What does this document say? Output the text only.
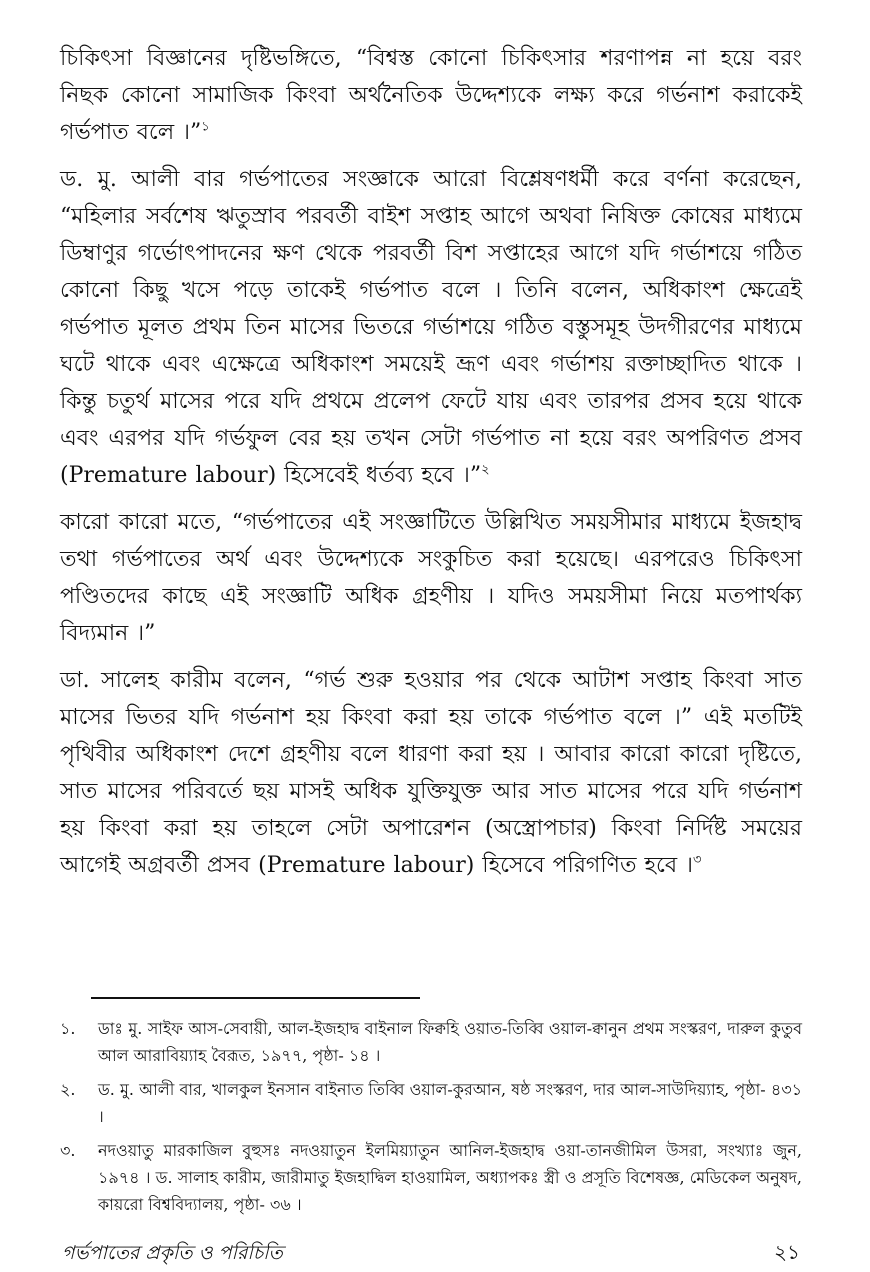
চিকিৎসা বিজ্ঞানের দৃষ্টিভঙ্গিতে, “বিশ্বস্ত কোনো চিকিৎসার শরণাপন্ন না হয়ে বরং নিছক কোনো সামাজিক কিংবা অর্থনৈতিক উদ্দেশ্যকে লক্ষ্য করে গর্ভনাশ করাকেই গর্ভপাত বলে ।”$^১$

ড. মু. আলী বার গর্ভপাতের সংজ্ঞাকে আরো বিশ্লেষণধর্মী করে বর্ণনা করেছেন, “মহিলার সর্বশেষ ঋতুস্রাব পরবর্তী বাইশ সপ্তাহ আগে অথবা নিষিক্ত কোষের মাধ্যমে ডিম্বাণুর গর্ভোৎপাদনের ক্ষণ থেকে পরবর্তী বিশ সপ্তাহের আগে যদি গর্ভাশয়ে গঠিত কোনো কিছু খসে পড়ে তাকেই গর্ভপাত বলে । তিনি বলেন, অধিকাংশ ক্ষেত্রেই গর্ভপাত মূলত প্রথম তিন মাসের ভিতরে গর্ভাশয়ে গঠিত বস্তুসমূহ উদগীরণের মাধ্যমে ঘটে থাকে এবং এক্ষেত্রে অধিকাংশ সময়েই ভ্রূণ এবং গর্ভাশয় রক্তাচ্ছাদিত থাকে । কিন্তু চতুর্থ মাসের পরে যদি প্রথমে প্রলেপ ফেটে যায় এবং তারপর প্রসব হয়ে থাকে এবং এরপর যদি গর্ভফুল বের হয় তখন সেটা গর্ভপাত না হয়ে বরং অপরিণত প্রসব (Premature labour) হিসেবেই ধর্তব্য হবে ।”$^২$

কারো কারো মতে, “গর্ভপাতের এই সংজ্ঞাটিতে উল্লিখিত সময়সীমার মাধ্যমে ইজহাদ্ব তথা গর্ভপাতের অর্থ এবং উদ্দেশ্যকে সংকুচিত করা হয়েছে। এরপরেও চিকিৎসা পণ্ডিতদের কাছে এই সংজ্ঞাটি অধিক গ্রহণীয় । যদিও সময়সীমা নিয়ে মতপার্থক্য বিদ্যমান ।”

ডা. সালেহ কারীম বলেন, “গর্ভ শুরু হওয়ার পর থেকে আটাশ সপ্তাহ কিংবা সাত মাসের ভিতর যদি গর্ভনাশ হয় কিংবা করা হয় তাকে গর্ভপাত বলে ।” এই মতটিই পৃথিবীর অধিকাংশ দেশে গ্রহণীয় বলে ধারণা করা হয় । আবার কারো কারো দৃষ্টিতে, সাত মাসের পরিবর্তে ছয় মাসই অধিক যুক্তিযুক্ত আর সাত মাসের পরে যদি গর্ভনাশ হয় কিংবা করা হয় তাহলে সেটা অপারেশন (অস্ত্রোপচার) কিংবা নির্দিষ্ট সময়ের আগেই অগ্রবর্তী প্রসব (Premature labour) হিসেবে পরিগণিত হবে ।$^৩$

১.	ডাঃ মু. সাইফ আস-সেবায়ী, আল-ইজহাদ্ব বাইনাল ফিক্বহি ওয়াত-তিব্বি ওয়াল-ক্বানুন প্রথম সংস্করণ, দারুল কুতুব আল আরাবিয়্যাহ বৈরূত, ১৯৭৭, পৃষ্ঠা- ১৪ ।
২.	ড. মু. আলী বার, খালকুল ইনসান বাইনাত তিব্বি ওয়াল-কুরআন, ষষ্ঠ সংস্করণ, দার আল-সাউদিয়্যাহ, পৃষ্ঠা- ৪৩১ ।
৩.	নদওয়াতু মারকাজিল বুহুসঃ নদওয়াতুন ইলমিয়্যাতুন আনিল-ইজহাদ্ব ওয়া-তানজীমিল উসরা, সংখ্যাঃ জুন, ১৯৭৪ । ড. সালাহ কারীম, জারীমাতু ইজহাদ্বিল হাওয়ামিল, অধ্যাপকঃ স্ত্রী ও প্রসূতি বিশেষজ্ঞ, মেডিকেল অনুষদ, কায়রো বিশ্ববিদ্যালয়, পৃষ্ঠা- ৩৬ ।
গর্ভপাতের প্রকৃতি ও পরিচিতি	২১
